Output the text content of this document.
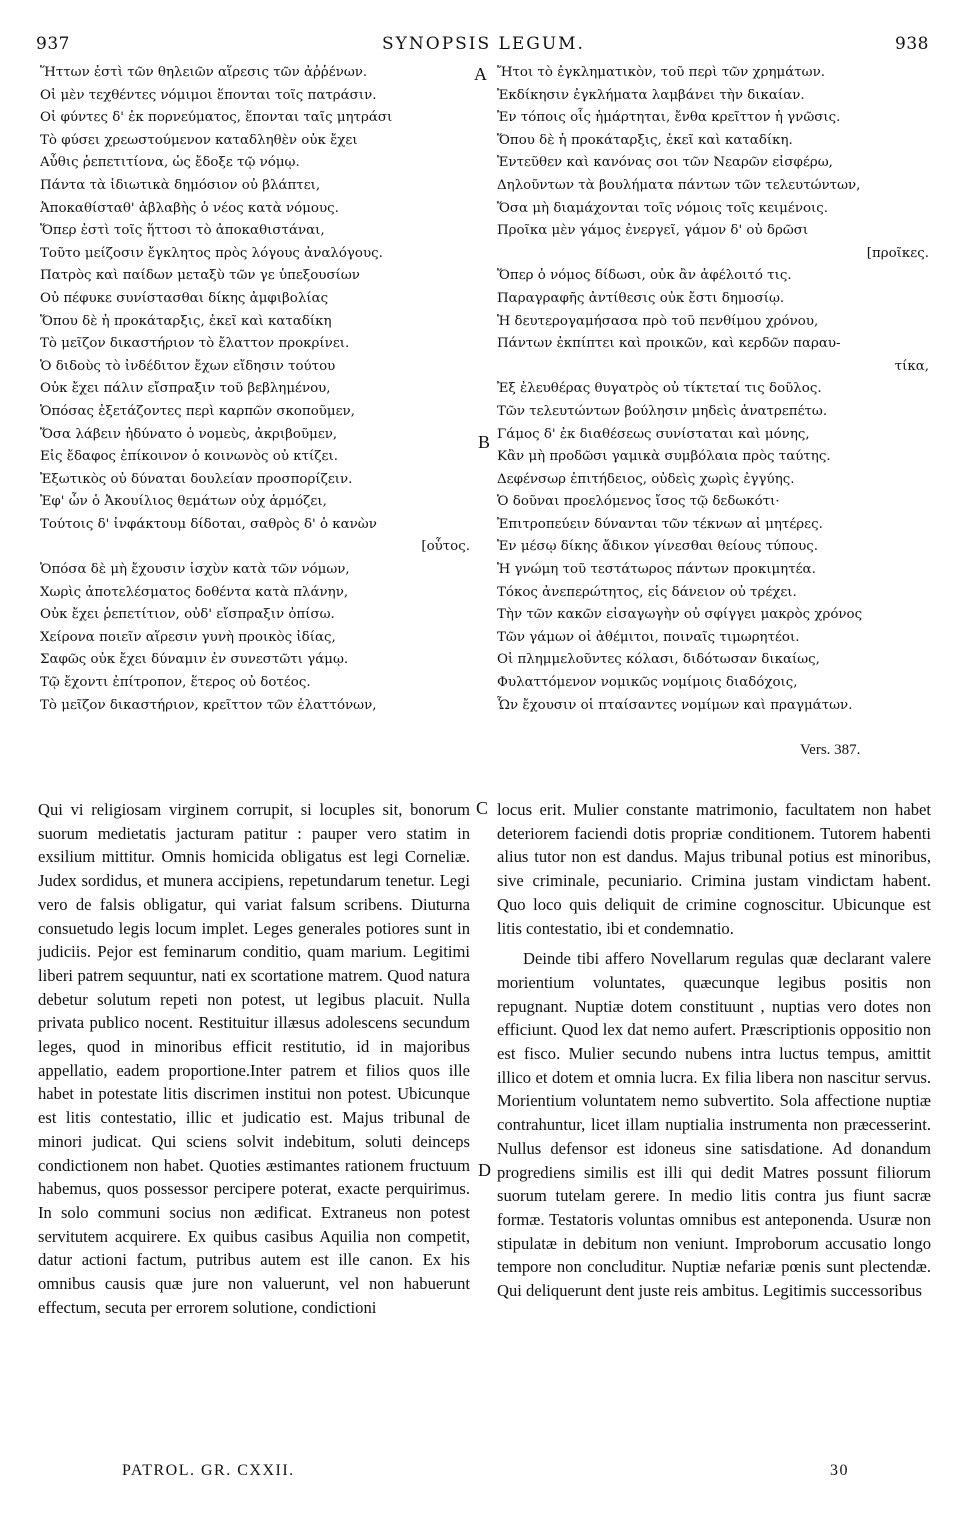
937	SYNOPSIS LEGUM.	938
Ἥττων ἐστὶ τῶν θηλειῶν αἵρεσις τῶν ἀῤῥένων.
Οἱ μὲν τεχθέντες νόμιμοι ἕπονται τοῖς πατράσιν.
Οἱ φύντες δ' ἐκ πορνεύματος, ἕπονται ταῖς μητράσι
Τὸ φύσει χρεωστούμενον καταδληθὲν οὐκ ἔχει
Αὖθις ῥεπετιτίονα, ὡς ἔδοξε τῷ νόμῳ.
Πάντα τὰ ἰδιωτικὰ δημόσιον οὐ βλάπτει,
Ἀποκαθίσταθ' ἀβλαβὴς ὁ νέος κατὰ νόμους.
Ὅπερ ἐστὶ τοῖς ἥττοσι τὸ ἀποκαθιστάναι,
Τοῦτο μείζοσιν ἔγκλητος πρὸς λόγους ἀναλόγους.
Πατρὸς καὶ παίδων μεταξὺ τῶν γε ὑπεξουσίων
Οὐ πέφυκε συνίστασθαι δίκης ἀμφιβολίας
Ὅπου δὲ ἡ προκάταρξις, ἐκεῖ καὶ καταδίκη
Τὸ μεῖζον δικαστήριον τὸ ἔλαττον προκρίνει.
Ὁ διδοὺς τὸ ἰνδέδιτον ἔχων εἴδησιν τούτου
Οὐκ ἔχει πάλιν εἴσπραξιν τοῦ βεβλημένου,
Ὁπόσας ἐξετάζοντες περὶ καρπῶν σκοποῦμεν,
Ὅσα λάβειν ἠδύνατο ὁ νομεὺς, ἀκριβοῦμεν,
Εἰς ἔδαφος ἐπίκοινον ὁ κοινωνὸς οὐ κτίζει.
Ἐξωτικὸς οὐ δύναται δουλείαν προσπορίζειν.
Ἐφ' ὧν ὁ Ἀκουίλιος θεμάτων οὐχ ἁρμόζει,
Τούτοις δ' ἰνφάκτουμ δίδοται, σαθρὸς δ' ὁ κανὼν
[οὗτος.
Ὁπόσα δὲ μὴ ἔχουσιν ἰσχὺν κατὰ τῶν νόμων,
Χωρὶς ἀποτελέσματος δοθέντα κατὰ πλάνην,
Οὐκ ἔχει ῥεπετίτιον, οὐδ' εἴσπραξιν ὀπίσω.
Χείρονα ποιεῖν αἵρεσιν γυνὴ προικὸς ἰδίας,
Σαφῶς οὐκ ἔχει δύναμιν ἐν συνεστῶτι γάμῳ.
Τῷ ἔχοντι ἐπίτροπον, ἕτερος οὐ δοτέος.
Τὸ μεῖζον δικαστήριον, κρεῖττον τῶν ἐλαττόνων,
Ἤτοι τὸ ἐγκληματικὸν, τοῦ περὶ τῶν χρημάτων.
Ἐκδίκησιν ἐγκλήματα λαμβάνει τὴν δικαίαν.
Ἐν τόποις οἷς ἡμάρτηται, ἔνθα κρεῖττον ἡ γνῶσις.
Ὅπου δὲ ἡ προκάταρξις, ἐκεῖ καὶ καταδίκη.
Ἐντεῦθεν καὶ κανόνας σοι τῶν Νεαρῶν εἰσφέρω,
Δηλοῦντων τὰ βουλήματα πάντων τῶν τελευτώντων,
Ὅσα μὴ διαμάχονται τοῖς νόμοις τοῖς κειμένοις.
Προῖκα μὲν γάμος ἐνεργεῖ, γάμον δ' οὐ δρῶσι
[προῖκες.
Ὅπερ ὁ νόμος δίδωσι, οὐκ ἂν ἀφέλοιτό τις.
Παραγραφῆς ἀντίθεσις οὐκ ἔστι δημοσίῳ.
Ἡ δευτερογαμήσασα πρὸ τοῦ πενθίμου χρόνου,
Πάντων ἐκπίπτει καὶ προικῶν, καὶ κερδῶν παραυ-
τίκα,
Ἐξ ἐλευθέρας θυγατρὸς οὐ τίκτεταί τις δοῦλος.
Τῶν τελευτώντων βούλησιν μηδεὶς ἀνατρεπέτω.
Γάμος δ' ἐκ διαθέσεως συνίσταται καὶ μόνης,
Κἂν μὴ προδῶσι γαμικὰ συμβόλαια πρὸς ταύτης.
Δεφένσωρ ἐπιτήδειος, οὐδεὶς χωρὶς ἐγγύης.
Ὁ δοῦναι προελόμενος ἴσος τῷ δεδωκότι·
Ἐπιτροπεύειν δύνανται τῶν τέκνων αἱ μητέρες.
Ἐν μέσῳ δίκης ἄδικον γίνεσθαι θείους τύπους.
Ἡ γνώμη τοῦ τεστάτωρος πάντων προκιμητέα.
Τόκος ἀνεπερώτητος, εἰς δάνειον οὐ τρέχει.
Τὴν τῶν κακῶν εἰσαγωγὴν οὐ σφίγγει μακρὸς χρόνος
Τῶν γάμων οἱ ἀθέμιτοι, ποιναῖς τιμωρητέοι.
Οἱ πλημμελοῦντες κόλασι, διδότωσαν δικαίως,
Φυλαττόμενον νομικῶς νομίμοις διαδόχοις,
Ὧν ἔχουσιν οἱ πταίσαντες νομίμων καὶ πραγμάτων.
A
B
C
D
Vers. 387.

Qui vi religiosam virginem corrupit, si locuples sit, bonorum suorum medietatis jacturam patitur : pauper vero statim in exsilium mittitur. Omnis homicida obligatus est legi Corneliæ. Judex sordidus, et munera accipiens, repetundarum tenetur. Legi vero de falsis obligatur, qui variat falsum scribens. Diuturna consuetudo legis locum implet. Leges generales potiores sunt in judiciis. Pejor est feminarum conditio, quam marium. Legitimi liberi patrem sequuntur, nati ex scortatione matrem. Quod natura debetur solutum repeti non potest, ut legibus placuit. Nulla privata publico nocent. Restituitur illæsus adolescens secundum leges, quod in minoribus efficit restitutio, id in majoribus appellatio, eadem proportione.Inter patrem et filios quos ille habet in potestate litis discrimen institui non potest. Ubicunque est litis contestatio, illic et judicatio est. Majus tribunal de minori judicat. Qui sciens solvit indebitum, soluti deinceps condictionem non habet. Quoties æstimantes rationem fructuum habemus, quos possessor percipere poterat, exacte perquirimus. In solo communi socius non ædificat. Extraneus non potest servitutem acquirere. Ex quibus casibus Aquilia non competit, datur actioni factum, putribus autem est ille canon. Ex his omnibus causis quæ jure non valuerunt, vel non habuerunt effectum, secuta per errorem solutione, condictioni

locus erit. Mulier constante matrimonio, facultatem non habet deteriorem faciendi dotis propriæ conditionem. Tutorem habenti alius tutor non est dandus. Majus tribunal potius est minoribus, sive criminale, pecuniario. Crimina justam vindictam habent. Quo loco quis deliquit de crimine cognoscitur. Ubicunque est litis contestatio, ibi et condemnatio.

Deinde tibi affero Novellarum regulas quæ declarant valere morientium voluntates, quæcunque legibus positis non repugnant. Nuptiæ dotem constituunt , nuptias vero dotes non efficiunt. Quod lex dat nemo aufert. Præscriptionis oppositio non est fisco. Mulier secundo nubens intra luctus tempus, amittit illico et dotem et omnia lucra. Ex filia libera non nascitur servus. Morientium voluntatem nemo subvertito. Sola affectione nuptiæ contrahuntur, licet illam nuptialia instrumenta non præcesserint. Nullus defensor est idoneus sine satisdatione. Ad donandum progrediens similis est illi qui dedit Matres possunt filiorum suorum tutelam gerere. In medio litis contra jus fiunt sacræ formæ. Testatoris voluntas omnibus est anteponenda. Usuræ non stipulatæ in debitum non veniunt. Improborum accusatio longo tempore non concluditur. Nuptiæ nefariæ pœnis sunt plectendæ. Qui deliquerunt dent juste reis ambitus. Legitimis successoribus

PATROL. GR. CXXII.	30
